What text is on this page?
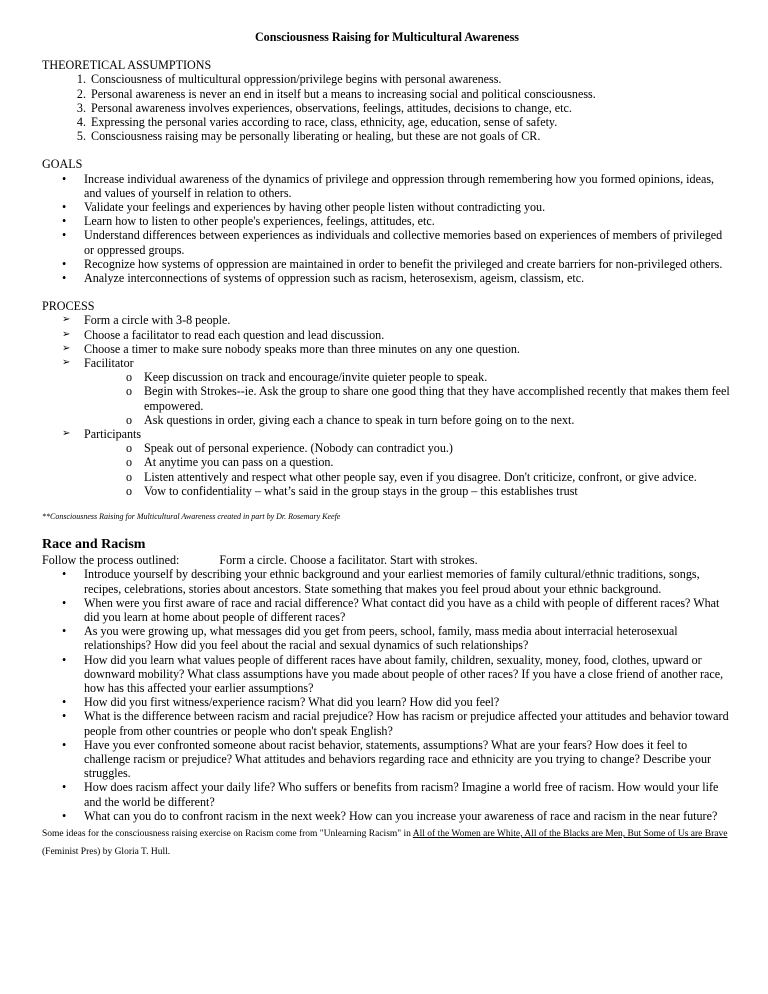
Consciousness Raising for Multicultural Awareness
THEORETICAL ASSUMPTIONS
1. Consciousness of multicultural oppression/privilege begins with personal awareness.
2. Personal awareness is never an end in itself but a means to increasing social and political consciousness.
3. Personal awareness involves experiences, observations, feelings, attitudes, decisions to change, etc.
4. Expressing the personal varies according to race, class, ethnicity, age, education, sense of safety.
5. Consciousness raising may be personally liberating or healing, but these are not goals of CR.
GOALS
• Increase individual awareness of the dynamics of privilege and oppression through remembering how you formed opinions, ideas, and values of yourself in relation to others.
• Validate your feelings and experiences by having other people listen without contradicting you.
• Learn how to listen to other people's experiences, feelings, attitudes, etc.
• Understand differences between experiences as individuals and collective memories based on experiences of members of privileged or oppressed groups.
• Recognize how systems of oppression are maintained in order to benefit the privileged and create barriers for non-privileged others.
• Analyze interconnections of systems of oppression such as racism, heterosexism, ageism, classism, etc.
PROCESS
➢ Form a circle with 3-8 people.
➢ Choose a facilitator to read each question and lead discussion.
➢ Choose a timer to make sure nobody speaks more than three minutes on any one question.
➢ Facilitator
o Keep discussion on track and encourage/invite quieter people to speak.
o Begin with Strokes--ie. Ask the group to share one good thing that they have accomplished recently that makes them feel empowered.
o Ask questions in order, giving each a chance to speak in turn before going on to the next.
➢ Participants
o Speak out of personal experience. (Nobody can contradict you.)
o At anytime you can pass on a question.
o Listen attentively and respect what other people say, even if you disagree. Don't criticize, confront, or give advice.
o Vow to confidentiality – what’s said in the group stays in the group – this establishes trust
**Consciousness Raising for Multicultural Awareness created in part by Dr. Rosemary Keefe
Race and Racism
Follow the process outlined:	Form a circle. Choose a facilitator. Start with strokes.
• Introduce yourself by describing your ethnic background and your earliest memories of family cultural/ethnic traditions, songs, recipes, celebrations, stories about ancestors. State something that makes you feel proud about your ethnic background.
• When were you first aware of race and racial difference? What contact did you have as a child with people of different races? What did you learn at home about people of different races?
• As you were growing up, what messages did you get from peers, school, family, mass media about interracial heterosexual relationships? How did you feel about the racial and sexual dynamics of such relationships?
• How did you learn what values people of different races have about family, children, sexuality, money, food, clothes, upward or downward mobility? What class assumptions have you made about people of other races? If you have a close friend of another race, how has this affected your earlier assumptions?
• How did you first witness/experience racism? What did you learn? How did you feel?
• What is the difference between racism and racial prejudice? How has racism or prejudice affected your attitudes and behavior toward people from other countries or people who don't speak English?
• Have you ever confronted someone about racist behavior, statements, assumptions? What are your fears? How does it feel to challenge racism or prejudice? What attitudes and behaviors regarding race and ethnicity are you trying to change? Describe your struggles.
• How does racism affect your daily life? Who suffers or benefits from racism? Imagine a world free of racism. How would your life and the world be different?
• What can you do to confront racism in the next week? How can you increase your awareness of race and racism in the near future?
Some ideas for the consciousness raising exercise on Racism come from "Unlearning Racism" in All of the Women are White, All of the Blacks are Men, But Some of Us are Brave (Feminist Pres) by Gloria T. Hull.
